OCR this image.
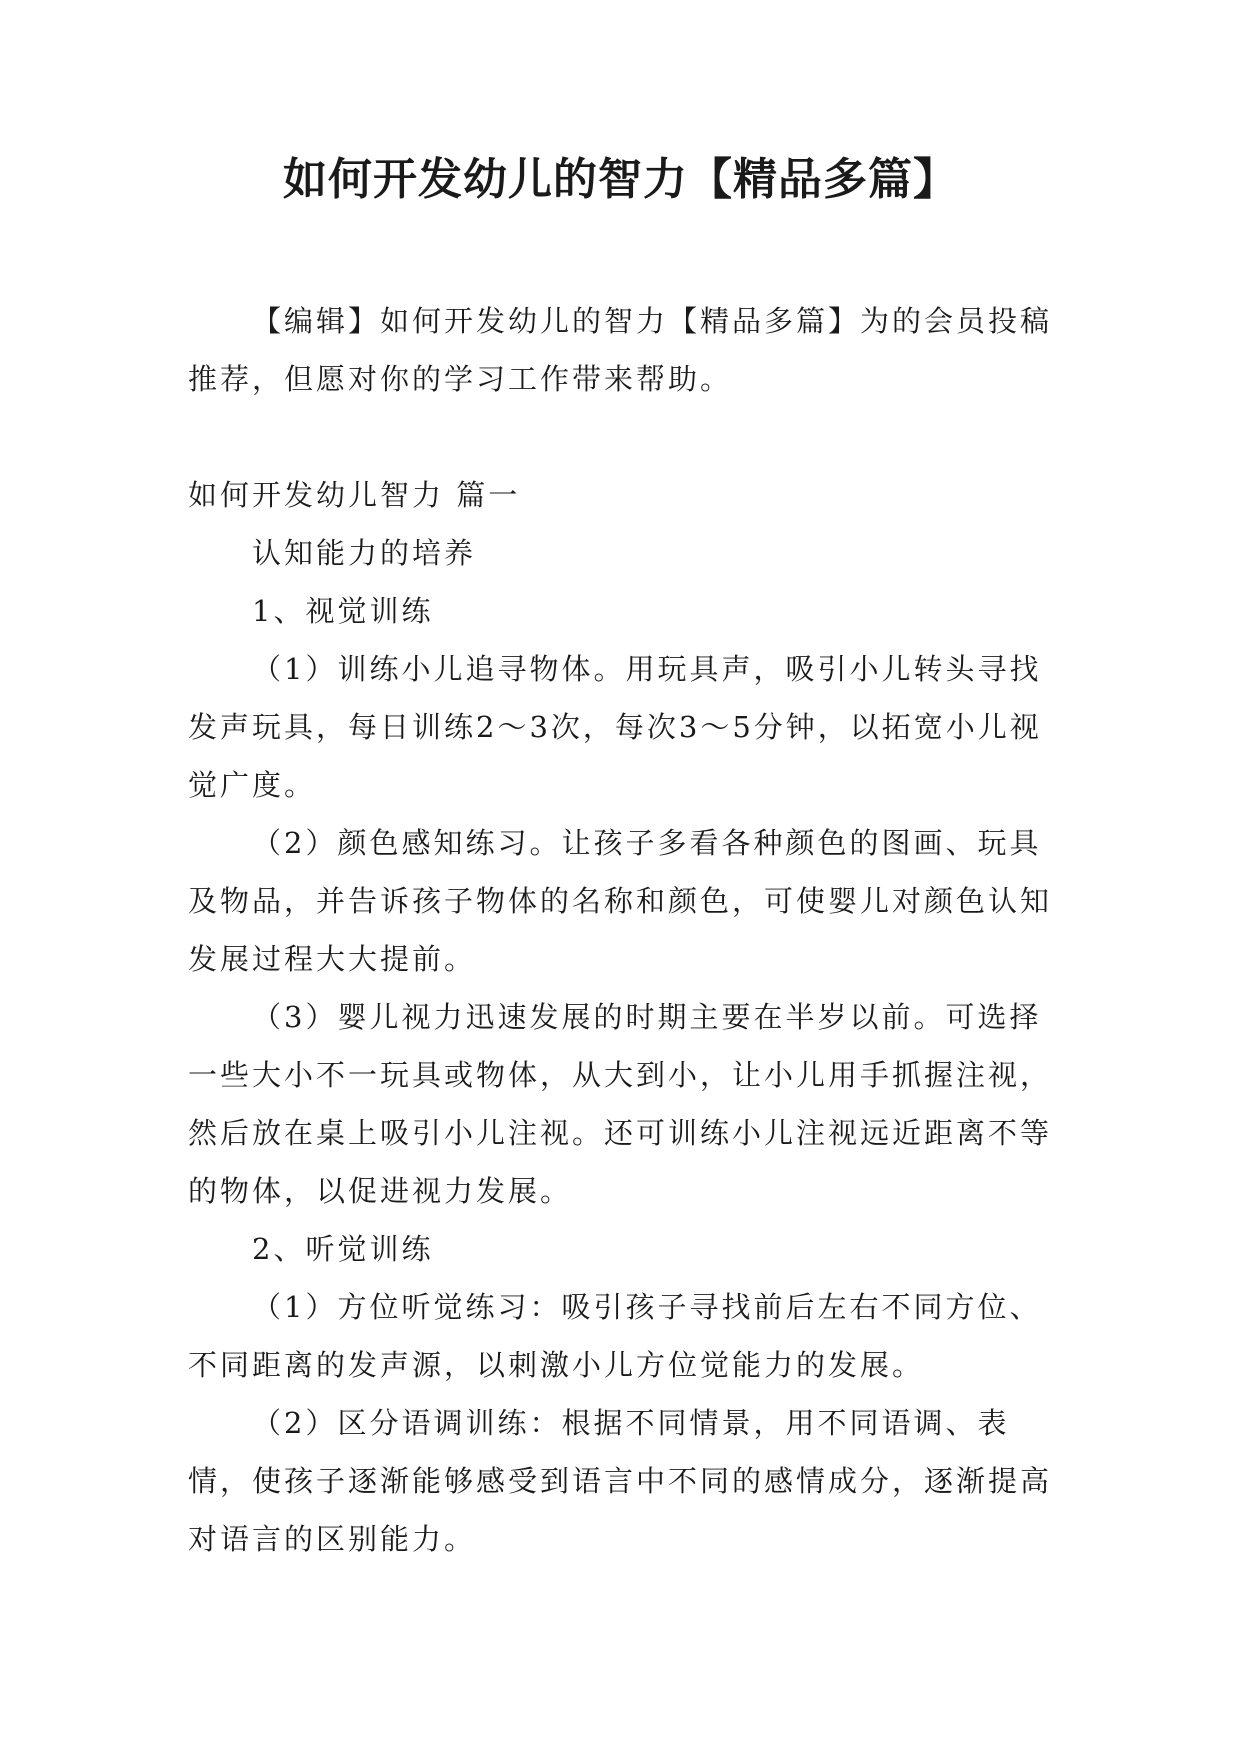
如何开发幼儿的智力【精品多篇】

【编辑】如何开发幼儿的智力【精品多篇】为的会员投稿推荐，但愿对你的学习工作带来帮助。

如何开发幼儿智力 篇一

认知能力的培养

1、视觉训练

（1）训练小儿追寻物体。用玩具声，吸引小儿转头寻找发声玩具，每日训练2～3次，每次3～5分钟，以拓宽小儿视觉广度。

（2）颜色感知练习。让孩子多看各种颜色的图画、玩具及物品，并告诉孩子物体的名称和颜色，可使婴儿对颜色认知发展过程大大提前。

（3）婴儿视力迅速发展的时期主要在半岁以前。可选择一些大小不一玩具或物体，从大到小，让小儿用手抓握注视，然后放在桌上吸引小儿注视。还可训练小儿注视远近距离不等的物体，以促进视力发展。

2、听觉训练

（1）方位听觉练习：吸引孩子寻找前后左右不同方位、不同距离的发声源，以刺激小儿方位觉能力的发展。

（2）区分语调训练：根据不同情景，用不同语调、表情，使孩子逐渐能够感受到语言中不同的感情成分，逐渐提高对语言的区别能力。
